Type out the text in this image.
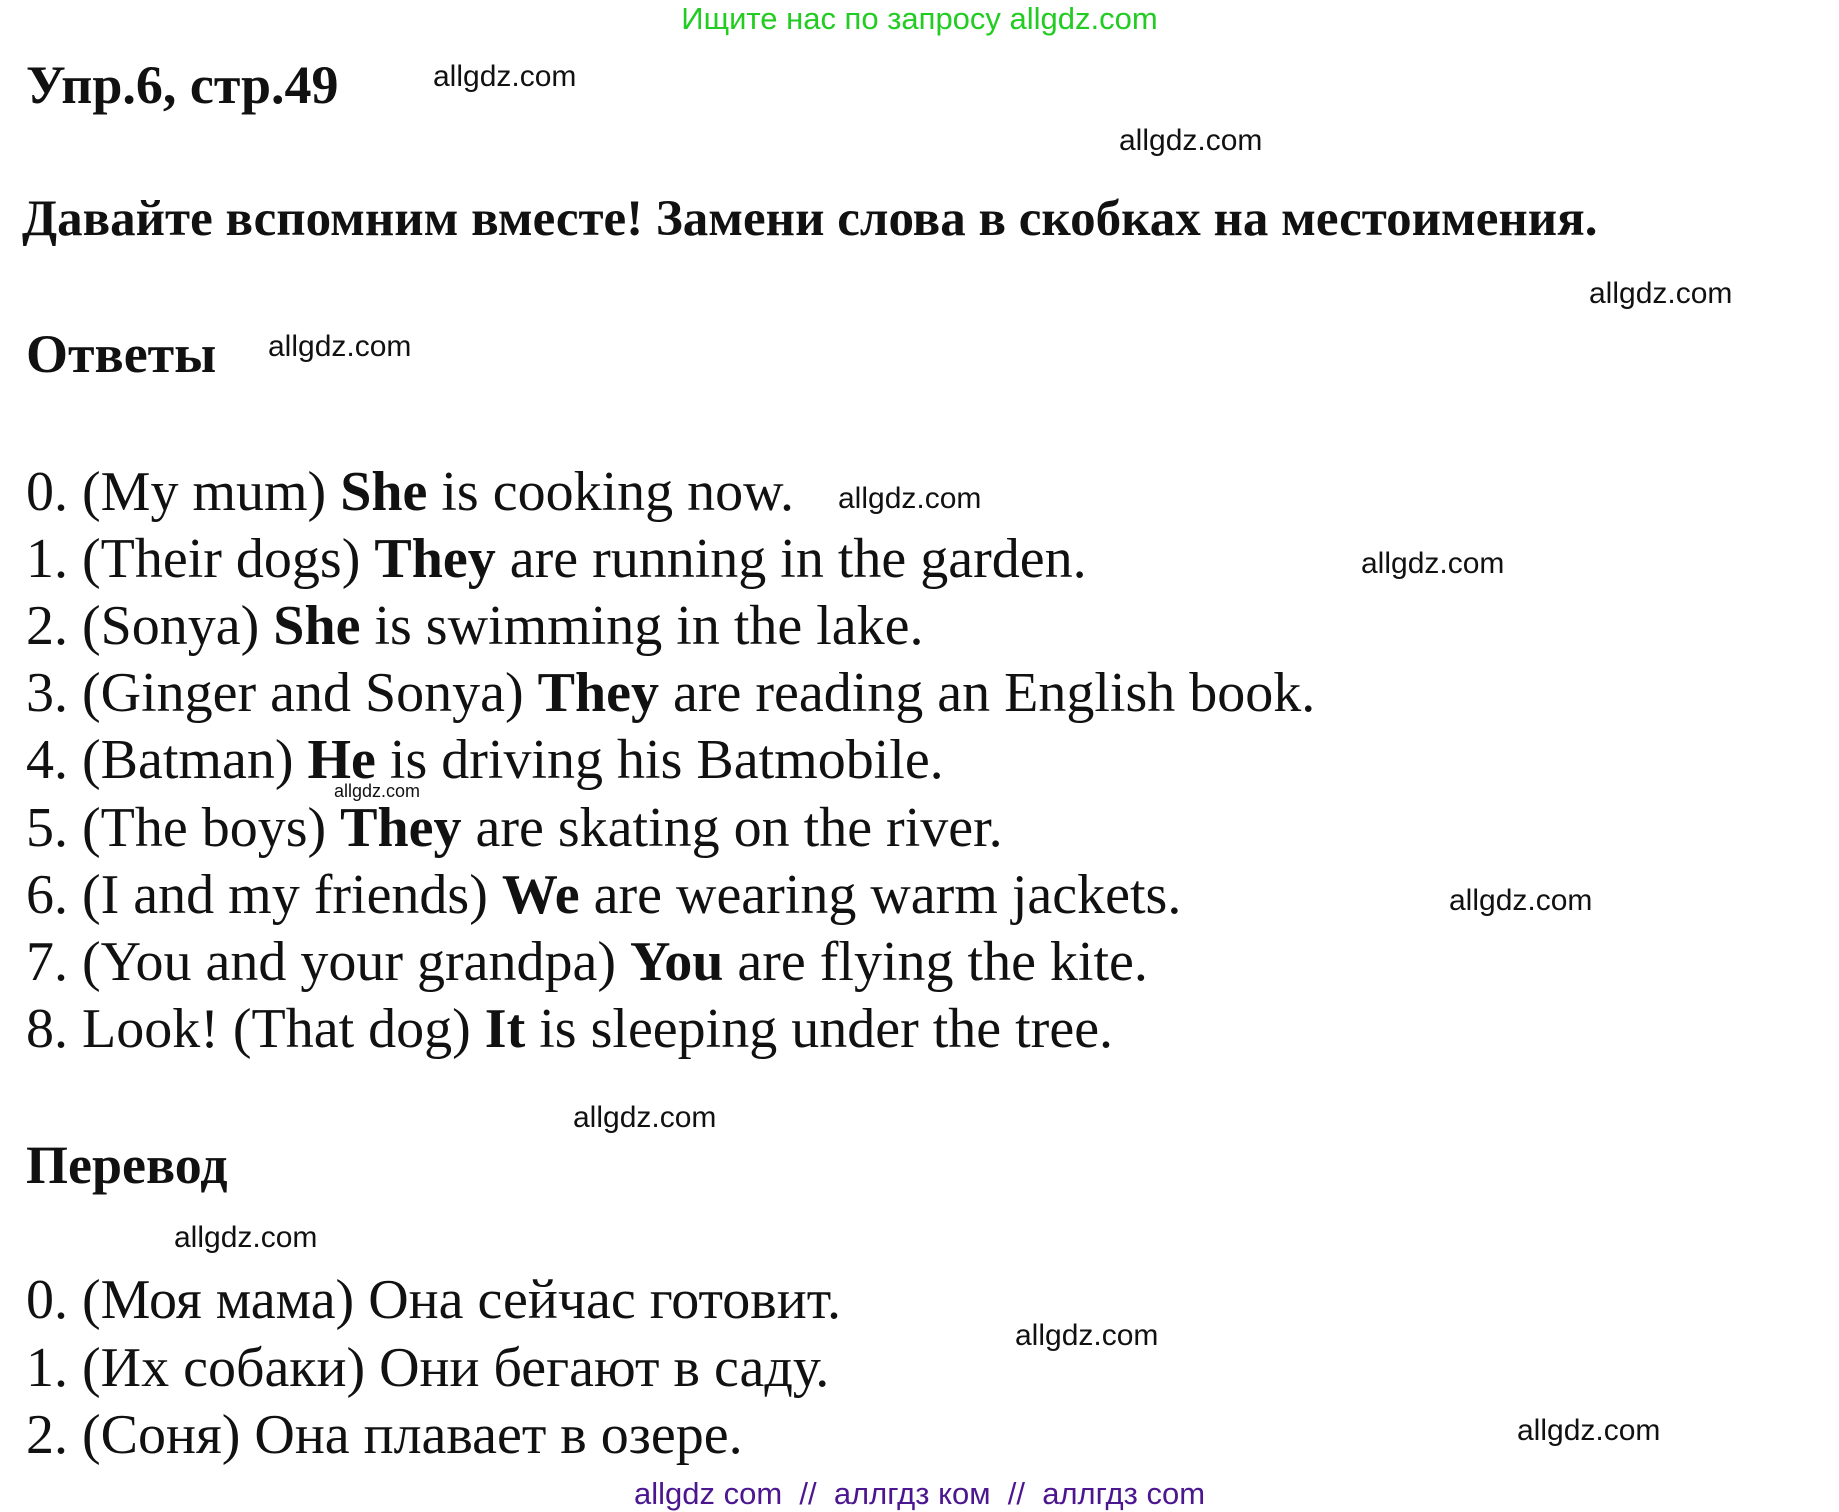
Ищите нас по запросу allgdz.com
Упр.6, стр.49
Давайте вспомним вместе! Замени слова в скобках на местоимения.
Ответы
0. (My mum) She is cooking now.
1. (Their dogs) They are running in the garden.
2. (Sonya) She is swimming in the lake.
3. (Ginger and Sonya) They are reading an English book.
4. (Batman) He is driving his Batmobile.
5. (The boys) They are skating on the river.
6. (I and my friends) We are wearing warm jackets.
7. (You and your grandpa) You are flying the kite.
8. Look! (That dog) It is sleeping under the tree.
Перевод
0. (Моя мама) Она сейчас готовит.
1. (Их собаки) Они бегают в саду.
2. (Соня) Она плавает в озере.
allgdz.com
allgdz.com
allgdz.com
allgdz.com
allgdz.com
allgdz.com
allgdz.com
allgdz.com
allgdz.com
allgdz.com
allgdz.com
allgdz.com
allgdz com  //  аллгдз ком  //  аллгдз com
